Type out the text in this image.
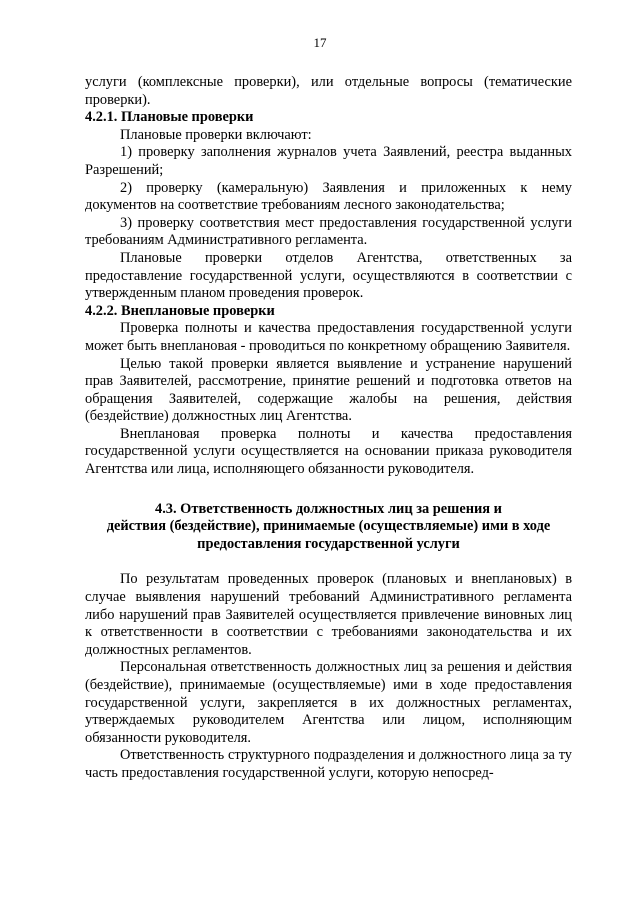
17

услуги (комплексные проверки), или отдельные вопросы (тематические проверки).

4.2.1. Плановые проверки

Плановые проверки включают:

1) проверку заполнения журналов учета Заявлений, реестра выданных Разрешений;

2) проверку (камеральную) Заявления и приложенных к нему документов на соответствие требованиям лесного законодательства;

3) проверку соответствия мест предоставления государственной услуги требованиям Административного регламента.

Плановые проверки отделов Агентства, ответственных за предоставление государственной услуги, осуществляются в соответствии с утвержденным планом проведения проверок.

4.2.2. Внеплановые проверки

Проверка полноты и качества предоставления государственной услуги может быть внеплановая - проводиться по конкретному обращению Заявителя.

Целью такой проверки является выявление и устранение нарушений прав Заявителей, рассмотрение, принятие решений и подготовка ответов на обращения Заявителей, содержащие жалобы на решения, действия (бездействие) должностных лиц Агентства.

Внеплановая проверка полноты и качества предоставления государственной услуги осуществляется на основании приказа руководителя Агентства или лица, исполняющего обязанности руководителя.

4.3. Ответственность должностных лиц за решения и
действия (бездействие), принимаемые (осуществляемые) ими в ходе
предоставления государственной услуги

По результатам проведенных проверок (плановых и внеплановых) в случае выявления нарушений требований Административного регламента либо нарушений прав Заявителей осуществляется привлечение виновных лиц к ответственности в соответствии с требованиями законодательства и их должностных регламентов.

Персональная ответственность должностных лиц за решения и действия (бездействие), принимаемые (осуществляемые) ими в ходе предоставления государственной услуги, закрепляется в их должностных регламентах, утверждаемых руководителем Агентства или лицом, исполняющим обязанности руководителя.

Ответственность структурного подразделения и должностного лица за ту часть предоставления государственной услуги, которую непосред-
